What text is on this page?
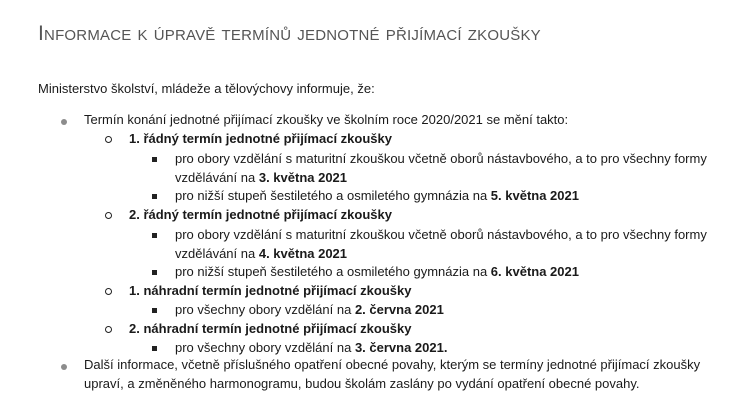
Informace k úpravě termínů jednotné přijímací zkoušky
Ministerstvo školství, mládeže a tělovýchovy informuje, že:
Termín konání jednotné přijímací zkoušky ve školním roce 2020/2021 se mění takto:
1. řádný termín jednotné přijímací zkoušky
pro obory vzdělání s maturitní zkouškou včetně oborů nástavbového, a to pro všechny formy vzdělávání na 3. května 2021
pro nižší stupeň šestiletého a osmiletého gymnázia na 5. května 2021
2. řádný termín jednotné přijímací zkoušky
pro obory vzdělání s maturitní zkouškou včetně oborů nástavbového, a to pro všechny formy vzdělávání na 4. května 2021
pro nižší stupeň šestiletého a osmiletého gymnázia na 6. května 2021
1. náhradní termín jednotné přijímací zkoušky
pro všechny obory vzdělání na 2. června 2021
2. náhradní termín jednotné přijímací zkoušky
pro všechny obory vzdělání na 3. června 2021.
Další informace, včetně příslušného opatření obecné povahy, kterým se termíny jednotné přijímací zkoušky upraví, a změněného harmonogramu, budou školám zaslány po vydání opatření obecné povahy.
